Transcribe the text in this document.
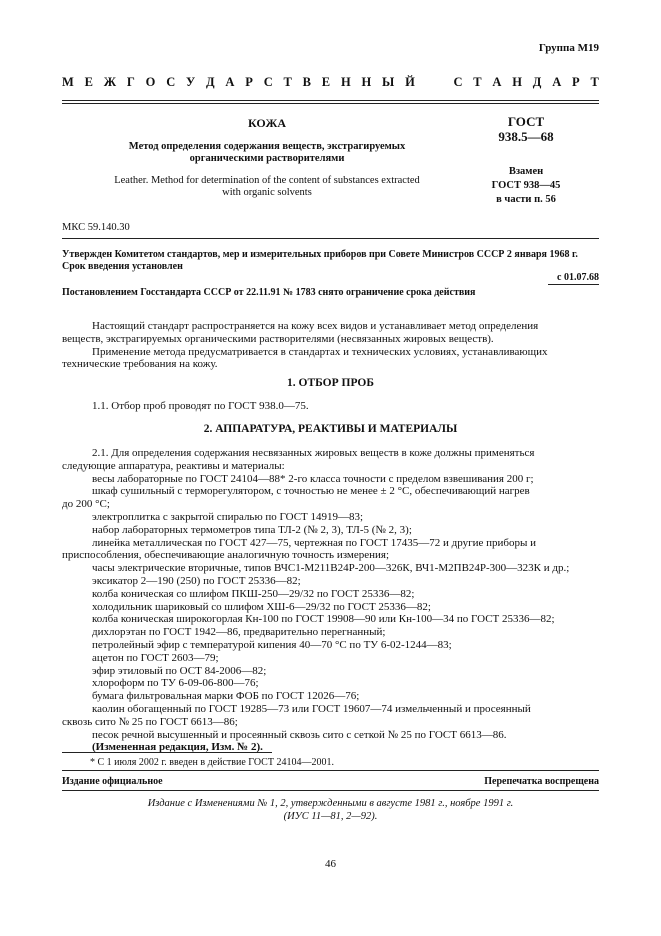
Группа М19
М Е Ж Г О С У Д А Р С Т В Е Н Н Ы Й

	С Т А Н Д А Р Т
КОЖА
Метод определения содержания веществ, экстрагируемых
органическими растворителями
Leather. Method for determination of the content of substances extracted
with organic solvents
ГОСТ
938.5—68
Взамен
ГОСТ 938—45
в части п. 56
МКС 59.140.30
Утвержден Комитетом стандартов, мер и измерительных приборов при Совете Министров СССР 2 января 1968 г.
Срок введения установлен
с 01.07.68
Постановлением Госстандарта СССР от 22.11.91 № 1783 снято ограничение срока действия

Настоящий стандарт распространяется на кожу всех видов и устанавливает метод определения

веществ, экстрагируемых органическими растворителями (несвязанных жировых веществ).

Применение метода предусматривается в стандартах и технических условиях, устанавливающих

технические требования на кожу.

1. ОТБОР ПРОБ

1.1. Отбор проб проводят по ГОСТ 938.0—75.

2. АППАРАТУРА, РЕАКТИВЫ И МАТЕРИАЛЫ

2.1. Для определения содержания несвязанных жировых веществ в коже должны применяться

следующие аппаратура, реактивы и материалы:

весы лабораторные по ГОСТ 24104—88* 2-го класса точности с пределом взвешивания 200 г;

шкаф сушильный с терморегулятором, с точностью не менее ± 2 °С, обеспечивающий нагрев

до 200 °С;

электроплитка с закрытой спиралью по ГОСТ 14919—83;

набор лабораторных термометров типа ТЛ-2 (№ 2, 3), ТЛ-5 (№ 2, 3);

линейка металлическая по ГОСТ 427—75, чертежная по ГОСТ 17435—72 и другие приборы и

приспособления, обеспечивающие аналогичную точность измерения;

часы электрические вторичные, типов ВЧС1-М211В24Р-200—326К, ВЧ1-М2ПВ24Р-300—323К и др.;

эксикатор 2—190 (250) по ГОСТ 25336—82;

колба коническая со шлифом ПКШ-250—29/32 по ГОСТ 25336—82;

холодильник шариковый со шлифом ХШ-6—29/32 по ГОСТ 25336—82;

колба коническая широкогорлая Кн-100 по ГОСТ 19908—90 или Кн-100—34 по ГОСТ 25336—82;

дихлорэтан по ГОСТ 1942—86, предварительно перегнанный;

петролейный эфир с температурой кипения 40—70 °С по ТУ 6-02-1244—83;

ацетон по ГОСТ 2603—79;

эфир этиловый по ОСТ 84-2006—82;

хлороформ по ТУ 6-09-06-800—76;

бумага фильтровальная марки ФОБ по ГОСТ 12026—76;

каолин обогащенный по ГОСТ 19285—73 или ГОСТ 19607—74 измельченный и просеянный

сквозь сито № 25 по ГОСТ 6613—86;

песок речной высушенный и просеянный сквозь сито с сеткой № 25 по ГОСТ 6613—86.

(Измененная редакция, Изм. № 2).

* С 1 июля 2002 г. введен в действие ГОСТ 24104—2001.
Издание официальное	Перепечатка воспрещена
Издание с Изменениями № 1, 2, утвержденными в августе 1981 г., ноябре 1991 г.
(ИУС 11—81, 2—92).
46
